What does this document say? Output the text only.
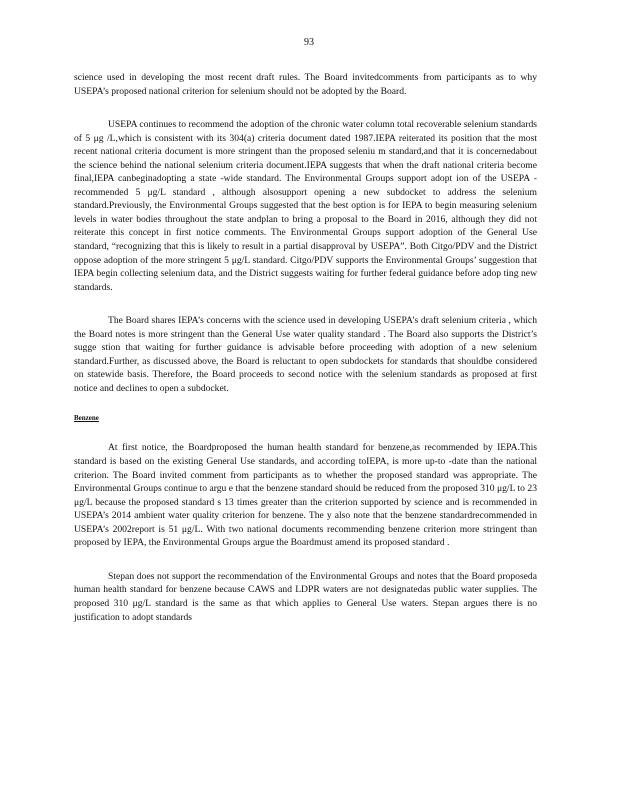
93

science used in developing the most recent draft rules. The Board invitedcomments from participants as to why USEPA’s proposed national criterion for selenium should not be adopted by the Board.

USEPA continues to recommend the adoption of the chronic water column total recoverable selenium standards of 5 μg /L,which is consistent with its 304(a) criteria document dated 1987.IEPA reiterated its position that the most recent national criteria document is more stringent than the proposed seleniu m standard,and that it is concernedabout the science behind the national selenium criteria document.IEPA suggests that when the draft national criteria become final,IEPA canbeginadopting a state -wide standard. The Environmental Groups support adopt ion of the USEPA -recommended 5 μg/L standard , although alsosupport opening a new subdocket to address the selenium standard.Previously, the Environmental Groups suggested that the best option is for IEPA to begin measuring selenium levels in water bodies throughout the state andplan to bring a proposal to the Board in 2016, although they did not reiterate this concept in first notice comments. The Environmental Groups support adoption of the General Use standard, “recognizing that this is likely to result in a partial disapproval by USEPA”. Both Citgo/PDV and the District oppose adoption of the more stringent 5 μg/L standard. Citgo/PDV supports the Environmental Groups’ suggestion that IEPA begin collecting selenium data, and the District suggests waiting for further federal guidance before adop ting new standards.

The Board shares IEPA’s concerns with the science used in developing USEPA’s draft selenium criteria , which the Board notes is more stringent than the General Use water quality standard . The Board also supports the District’s sugge stion that waiting for further guidance is advisable before proceeding with adoption of a new selenium standard.Further, as discussed above, the Board is reluctant to open subdockets for standards that shouldbe considered on statewide basis. Therefore, the Board proceeds to second notice with the selenium standards as proposed at first notice and declines to open a subdocket.

Benzene

At first notice, the Boardproposed the human health standard for benzene,as recommended by IEPA.This standard is based on the existing General Use standards, and according toIEPA, is more up-to -date than the national criterion. The Board invited comment from participants as to whether the proposed standard was appropriate. The Environmental Groups continue to argu e that the benzene standard should be reduced from the proposed 310 μg/L to 23 μg/L because the proposed standard s 13 times greater than the criterion supported by science and is recommended in USEPA’s 2014 ambient water quality criterion for benzene. The y also note that the benzene standardrecommended in USEPA’s 2002report is 51 μg/L. With two national documents recommending benzene criterion more stringent than proposed by IEPA, the Environmental Groups argue the Boardmust amend its proposed standard .

Stepan does not support the recommendation of the Environmental Groups and notes that the Board proposeda human health standard for benzene because CAWS and LDPR waters are not designatedas public water supplies. The proposed 310 μg/L standard is the same as that which applies to General Use waters. Stepan argues there is no justification to adopt standards
